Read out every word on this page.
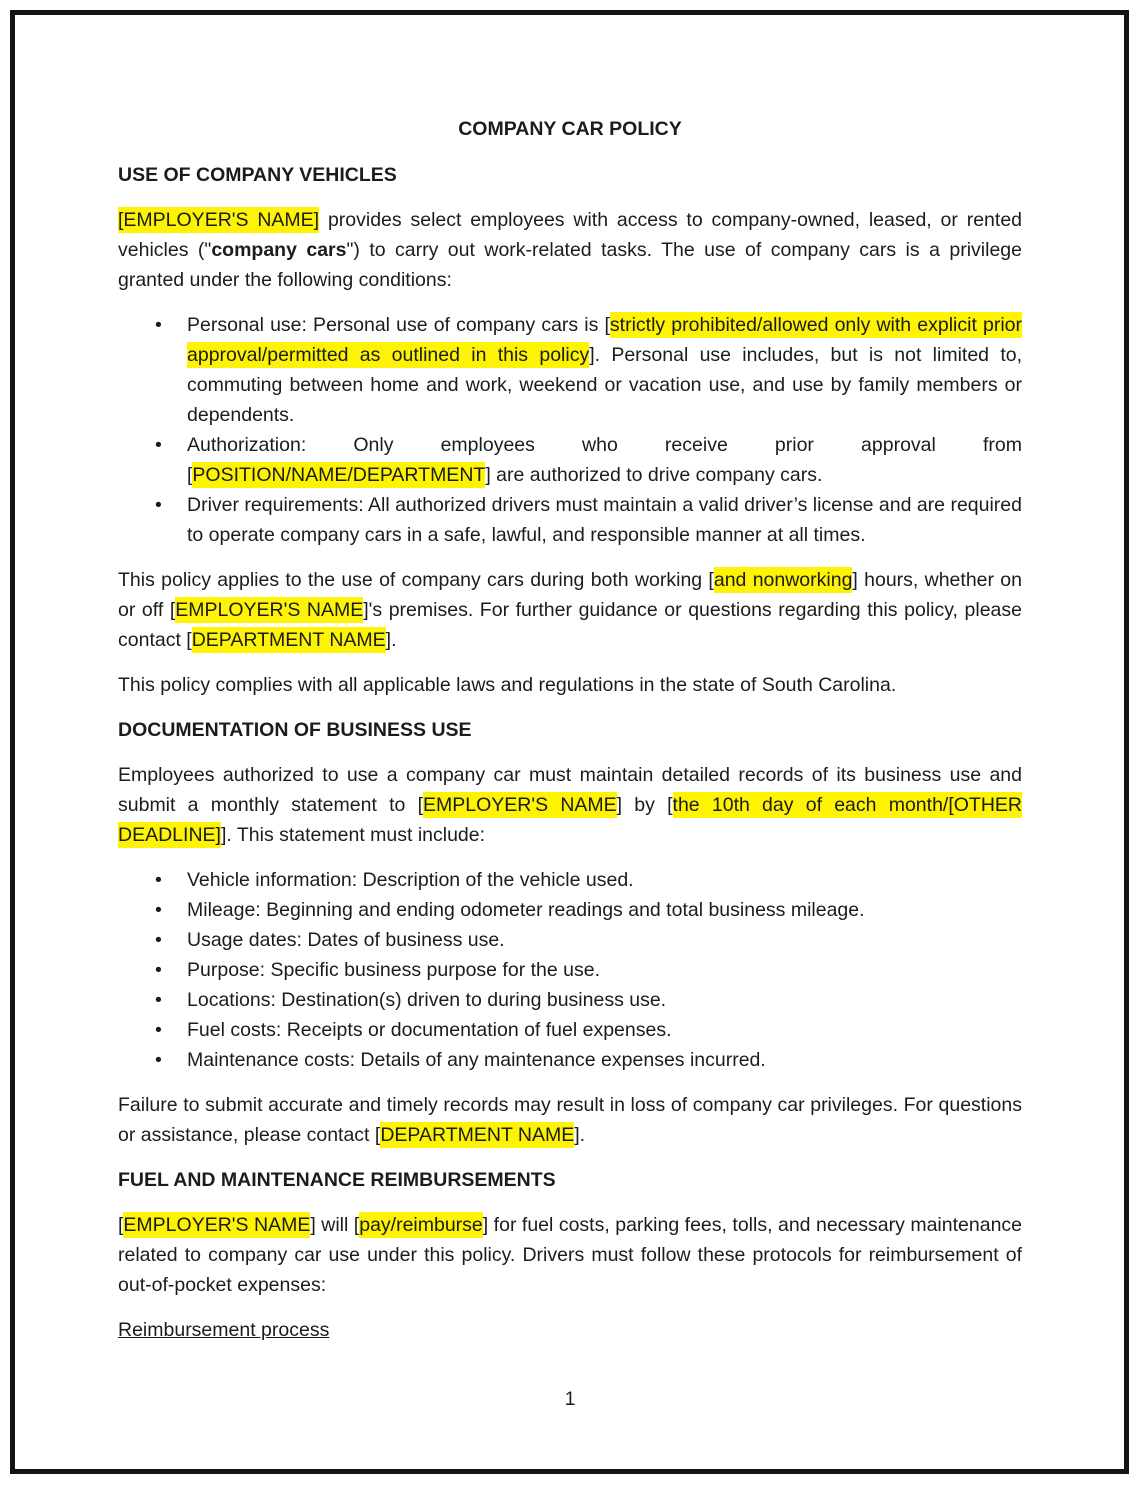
COMPANY CAR POLICY
USE OF COMPANY VEHICLES

[EMPLOYER'S NAME] provides select employees with access to company-owned, leased, or rented vehicles ("company cars") to carry out work-related tasks. The use of company cars is a privilege granted under the following conditions:

• Personal use: Personal use of company cars is [strictly prohibited/allowed only with explicit prior approval/permitted as outlined in this policy]. Personal use includes, but is not limited to, commuting between home and work, weekend or vacation use, and use by family members or dependents.
• Authorization: Only employees who receive prior approval from [POSITION/NAME/DEPARTMENT] are authorized to drive company cars.
• Driver requirements: All authorized drivers must maintain a valid driver’s license and are required to operate company cars in a safe, lawful, and responsible manner at all times.

This policy applies to the use of company cars during both working [and nonworking] hours, whether on or off [EMPLOYER'S NAME]'s premises. For further guidance or questions regarding this policy, please contact [DEPARTMENT NAME].

This policy complies with all applicable laws and regulations in the state of South Carolina.

DOCUMENTATION OF BUSINESS USE

Employees authorized to use a company car must maintain detailed records of its business use and submit a monthly statement to [EMPLOYER'S NAME] by [the 10th day of each month/[OTHER DEADLINE]]. This statement must include:

• Vehicle information: Description of the vehicle used.
• Mileage: Beginning and ending odometer readings and total business mileage.
• Usage dates: Dates of business use.
• Purpose: Specific business purpose for the use.
• Locations: Destination(s) driven to during business use.
• Fuel costs: Receipts or documentation of fuel expenses.
• Maintenance costs: Details of any maintenance expenses incurred.

Failure to submit accurate and timely records may result in loss of company car privileges. For questions or assistance, please contact [DEPARTMENT NAME].

FUEL AND MAINTENANCE REIMBURSEMENTS

[EMPLOYER'S NAME] will [pay/reimburse] for fuel costs, parking fees, tolls, and necessary maintenance related to company car use under this policy. Drivers must follow these protocols for reimbursement of out-of-pocket expenses:

Reimbursement process

1
